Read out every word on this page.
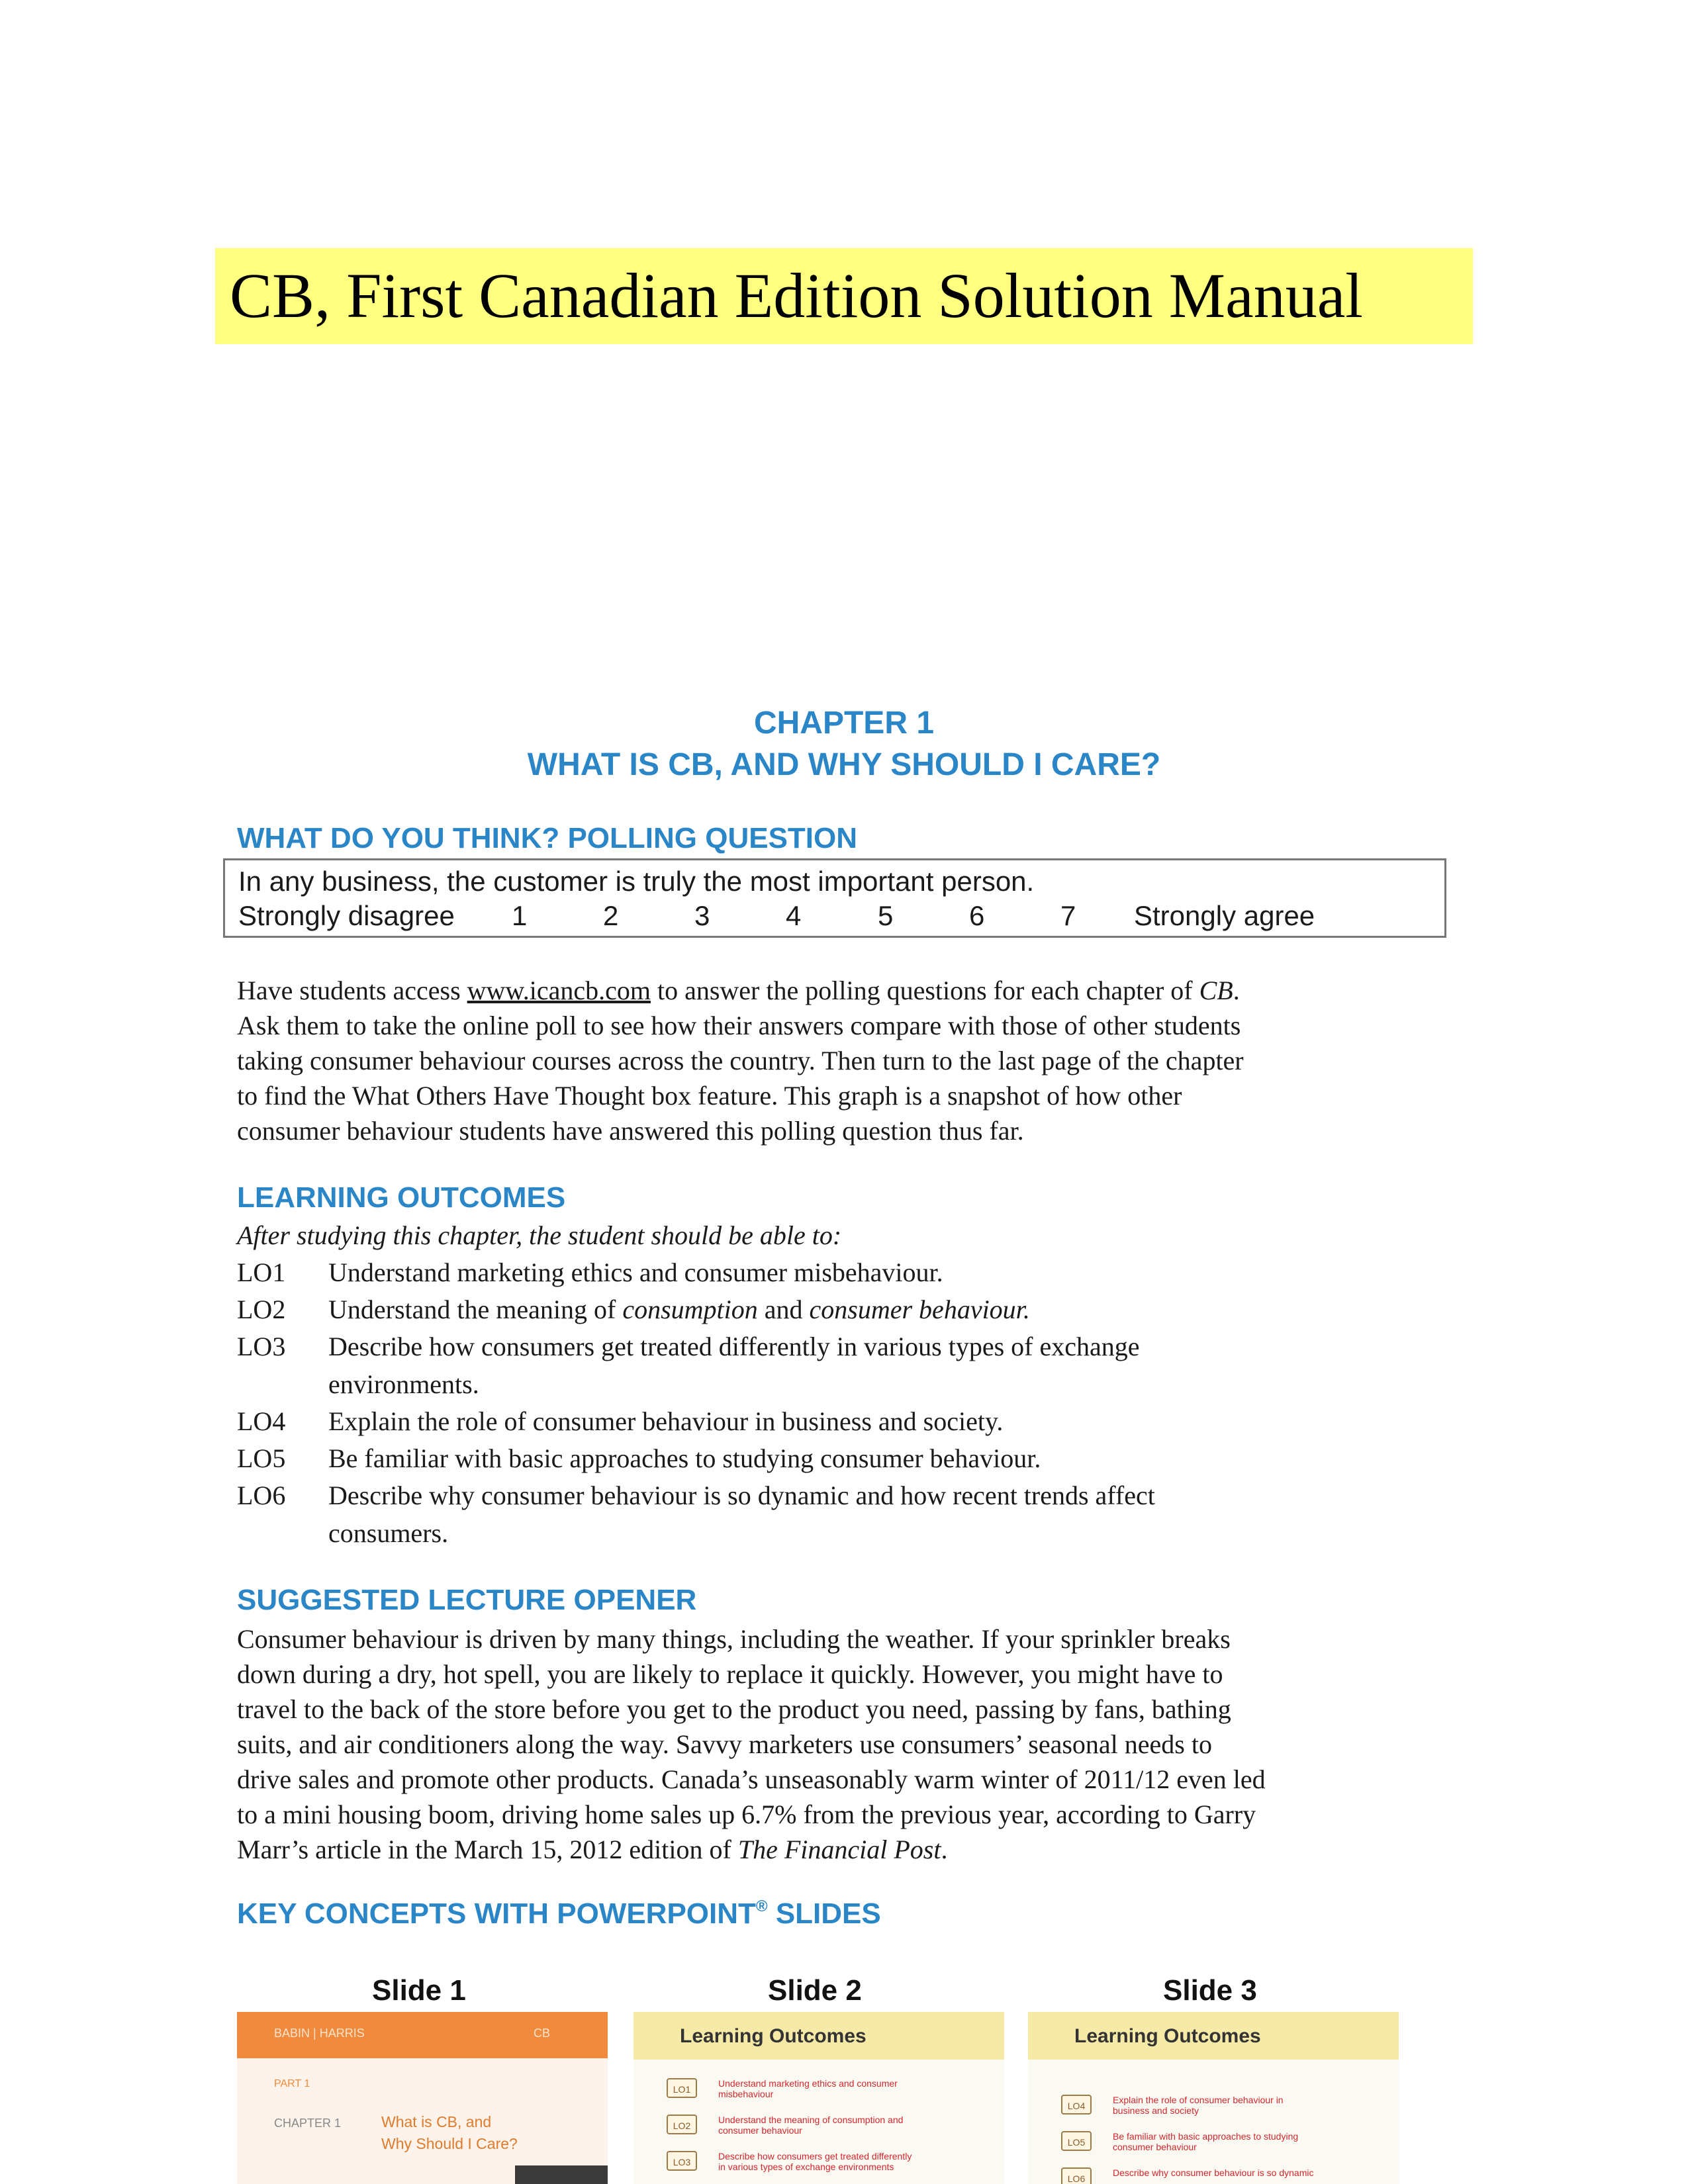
CB, First Canadian Edition Solution Manual
CHAPTER 1
WHAT IS CB, AND WHY SHOULD I CARE?
WHAT DO YOU THINK? POLLING QUESTION
In any business, the customer is truly the most important person.
Strongly disagree 1	2	3	4	5	6	7 Strongly agree
Have students access www.icancb.com to answer the polling questions for each chapter of CB.
Ask them to take the online poll to see how their answers compare with those of other students
taking consumer behaviour courses across the country. Then turn to the last page of the chapter
to find the What Others Have Thought box feature. This graph is a snapshot of how other
consumer behaviour students have answered this polling question thus far.
LEARNING OUTCOMES
After studying this chapter, the student should be able to:
LO1 Understand marketing ethics and consumer misbehaviour.
LO2 Understand the meaning of consumption and consumer behaviour.
LO3 Describe how consumers get treated differently in various types of exchange
environments.
LO4 Explain the role of consumer behaviour in business and society.
LO5 Be familiar with basic approaches to studying consumer behaviour.
LO6 Describe why consumer behaviour is so dynamic and how recent trends affect
consumers.
SUGGESTED LECTURE OPENER
Consumer behaviour is driven by many things, including the weather. If your sprinkler breaks
down during a dry, hot spell, you are likely to replace it quickly. However, you might have to
travel to the back of the store before you get to the product you need, passing by fans, bathing
suits, and air conditioners along the way. Savvy marketers use consumers’ seasonal needs to
drive sales and promote other products. Canada’s unseasonably warm winter of 2011/12 even led
to a mini housing boom, driving home sales up 6.7% from the previous year, according to Garry
Marr’s article in the March 15, 2012 edition of The Financial Post.
KEY CONCEPTS WITH POWERPOINT® SLIDES
Slide 1	Slide 2	Slide 3
BABIN | HARRIS	CB
PART 1
CHAPTER 1	What is CB, and
Why Should I Care?
Learning Outcomes
LO1
Understand marketing ethics and consumer
misbehaviour
LO2
Understand the meaning of consumption and
consumer behaviour
LO3
Describe how consumers get treated differently
in various types of exchange environments
Learning Outcomes
LO4
Explain the role of consumer behaviour in
business and society
LO5
Be familiar with basic approaches to studying
consumer behaviour
LO6
Describe why consumer behaviour is so dynamic
